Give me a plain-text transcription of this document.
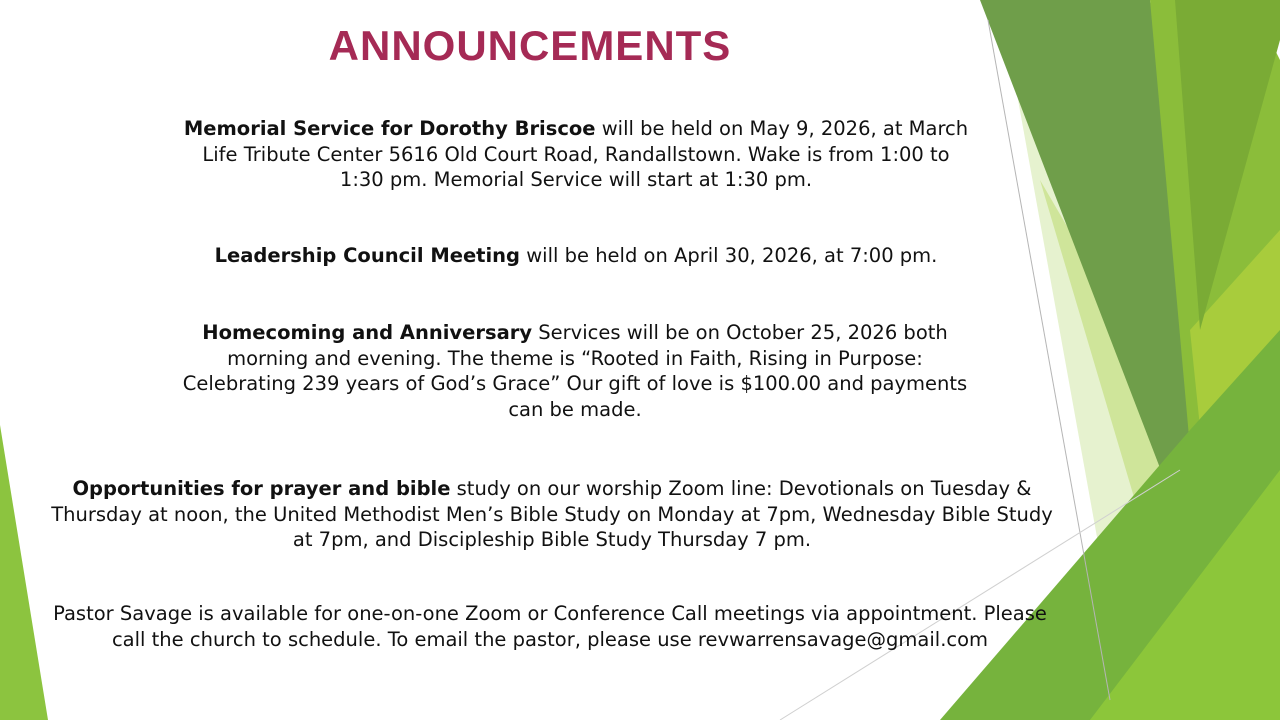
ANNOUNCEMENTS
Memorial Service for Dorothy Briscoe will be held on May 9, 2026, at March Life Tribute Center 5616 Old Court Road, Randallstown. Wake is from 1:00 to 1:30 pm. Memorial Service will start at 1:30 pm.
Leadership Council Meeting will be held on April 30, 2026, at 7:00 pm.
Homecoming and Anniversary Services will be on October 25, 2026 both morning and evening. The theme is “Rooted in Faith, Rising in Purpose: Celebrating 239 years of God’s Grace” Our gift of love is $100.00 and payments can be made.
Opportunities for prayer and bible study on our worship Zoom line: Devotionals on Tuesday & Thursday at noon, the United Methodist Men’s Bible Study on Monday at 7pm, Wednesday Bible Study at 7pm, and Discipleship Bible Study Thursday 7 pm.
Pastor Savage is available for one-on-one Zoom or Conference Call meetings via appointment. Please call the church to schedule. To email the pastor, please use revwarrensavage@gmail.com
